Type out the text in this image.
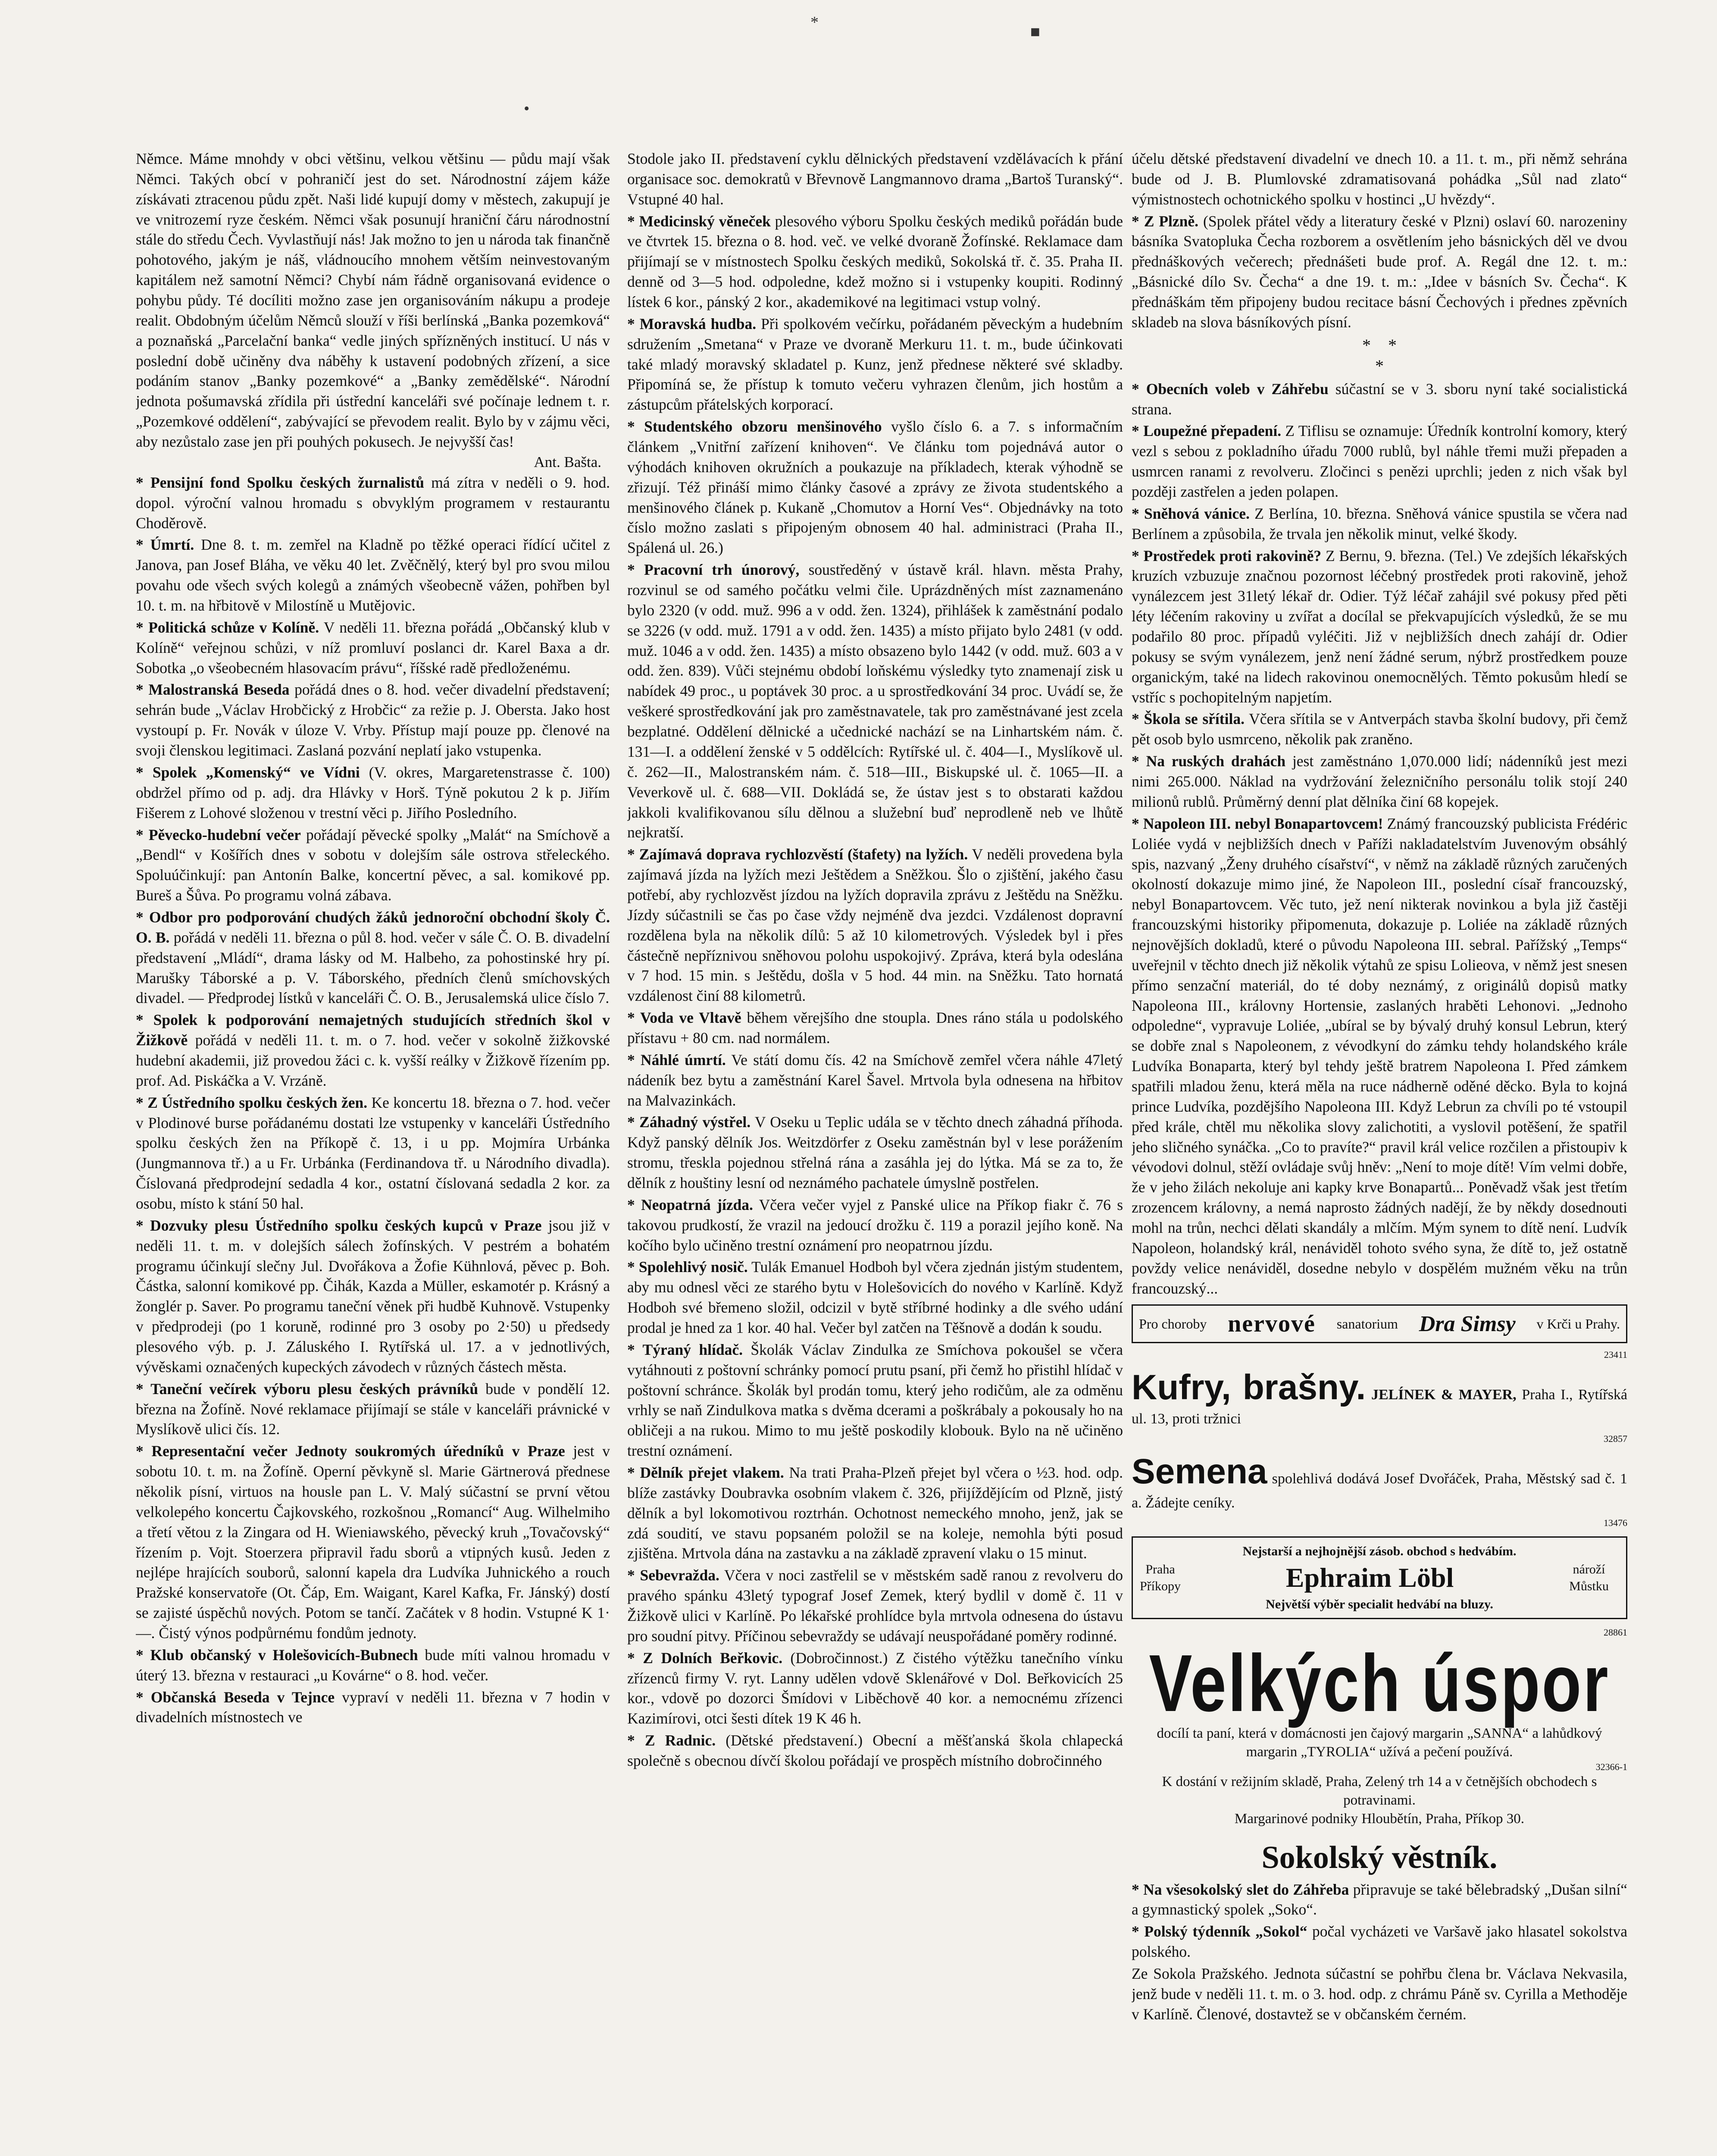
•
*
■

Němce. Máme mnohdy v obci většinu, velkou většinu — půdu mají však Němci. Takých obcí v pohraničí jest do set. Národnostní zájem káže získávati ztracenou půdu zpět. Naši lidé kupují domy v městech, zakupují je ve vnitrozemí ryze českém. Němci však posunují hraniční čáru národnostní stále do středu Čech. Vyvlastňují nás! Jak možno to jen u národa tak finančně pohotového, jakým je náš, vládnoucího mnohem větším neinvestovaným kapitálem než samotní Němci? Chybí nám řádně organisovaná evidence o pohybu půdy. Té docíliti možno zase jen organisováním nákupu a prodeje realit. Obdobným účelům Němců slouží v říši berlínská „Banka pozemková“ a poznaňská „Parcelační banka“ vedle jiných spřízněných institucí. U nás v poslední době učiněny dva náběhy k ustavení podobných zřízení, a sice podáním stanov „Banky pozemkové“ a „Banky zemědělské“. Národní jednota pošumavská zřídila při ústřední kanceláři své počínaje lednem t. r. „Pozemkové oddělení“, zabývající se převodem realit. Bylo by v zájmu věci, aby nezůstalo zase jen při pouhých pokusech. Je nejvyšší čas!

Ant. Bašta.

* Pensijní fond Spolku českých žurnalistů má zítra v neděli o 9. hod. dopol. výroční valnou hromadu s obvyklým programem v restaurantu Choděrově.

* Úmrtí. Dne 8. t. m. zemřel na Kladně po těžké operaci řídící učitel z Janova, pan Josef Bláha, ve věku 40 let. Zvěčnělý, který byl pro svou milou povahu ode všech svých kolegů a známých všeobecně vážen, pohřben byl 10. t. m. na hřbitově v Milostíně u Mutějovic.

* Politická schůze v Kolíně. V neděli 11. března pořádá „Občanský klub v Kolíně“ veřejnou schůzi, v níž promluví poslanci dr. Karel Baxa a dr. Sobotka „o všeobecném hlasovacím právu“, říšské radě předloženému.

* Malostranská Beseda pořádá dnes o 8. hod. večer divadelní představení; sehrán bude „Václav Hrobčický z Hrobčic“ za režie p. J. Obersta. Jako host vystoupí p. Fr. Novák v úloze V. Vrby. Přístup mají pouze pp. členové na svoji členskou legitimaci. Zaslaná pozvání neplatí jako vstupenka.

* Spolek „Komenský“ ve Vídni (V. okres, Margaretenstrasse č. 100) obdržel přímo od p. adj. dra Hlávky v Horš. Týně pokutou 2 k p. Jiřím Fišerem z Lohové složenou v trestní věci p. Jiřího Posledního.

* Pěvecko-hudební večer pořádají pěvecké spolky „Malát“ na Smíchově a „Bendl“ v Košířích dnes v sobotu v dolejším sále ostrova střeleckého. Spoluúčinkují: pan Antonín Balke, koncertní pěvec, a sal. komikové pp. Bureš a Šůva. Po programu volná zábava.

* Odbor pro podporování chudých žáků jednoroční obchodní školy Č. O. B. pořádá v neděli 11. března o půl 8. hod. večer v sále Č. O. B. divadelní představení „Mládí“, drama lásky od M. Halbeho, za pohostinské hry pí. Marušky Táborské a p. V. Táborského, předních členů smíchovských divadel. — Předprodej lístků v kanceláři Č. O. B., Jerusalemská ulice číslo 7.

* Spolek k podporování nemajetných studujících středních škol v Žižkově pořádá v neděli 11. t. m. o 7. hod. večer v sokolně žižkovské hudební akademii, již provedou žáci c. k. vyšší reálky v Žižkově řízením pp. prof. Ad. Piskáčka a V. Vrzáně.

* Z Ústředního spolku českých žen. Ke koncertu 18. března o 7. hod. večer v Plodinové burse pořádanému dostati lze vstupenky v kanceláři Ústředního spolku českých žen na Příkopě č. 13, i u pp. Mojmíra Urbánka (Jungmannova tř.) a u Fr. Urbánka (Ferdinandova tř. u Národního divadla). Číslovaná předprodejní sedadla 4 kor., ostatní číslovaná sedadla 2 kor. za osobu, místo k stání 50 hal.

* Dozvuky plesu Ústředního spolku českých kupců v Praze jsou již v neděli 11. t. m. v dolejších sálech žofínských. V pestrém a bohatém programu účinkují slečny Jul. Dvořákova a Žofie Kühnlová, pěvec p. Boh. Částka, salonní komikové pp. Čihák, Kazda a Müller, eskamotér p. Krásný a žonglér p. Saver. Po programu taneční věnek při hudbě Kuhnově. Vstupenky v předprodeji (po 1 koruně, rodinné pro 3 osoby po 2·50) u předsedy plesového výb. p. J. Záluského I. Rytířská ul. 17. a v jednotlivých, vývěskami označených kupeckých závodech v různých částech města.

* Taneční večírek výboru plesu českých právníků bude v pondělí 12. března na Žofíně. Nové reklamace přijímají se stále v kanceláři právnické v Myslíkově ulici čís. 12.

* Representační večer Jednoty soukromých úředníků v Praze jest v sobotu 10. t. m. na Žofíně. Operní pěvkyně sl. Marie Gärtnerová přednese několik písní, virtuos na housle pan L. V. Malý súčastní se první větou velkolepého koncertu Čajkovského, rozkošnou „Romancí“ Aug. Wilhelmiho a třetí větou z la Zingara od H. Wieniawského, pěvecký kruh „Tovačovský“ řízením p. Vojt. Stoerzera připravil řadu sborů a vtipných kusů. Jeden z nejlépe hrajících souborů, salonní kapela dra Ludvíka Juhnického a rouch Pražské konservatoře (Ot. Čáp, Em. Waigant, Karel Kafka, Fr. Jánský) dostí se zajisté úspěchů nových. Potom se tančí. Začátek v 8 hodin. Vstupné K 1·—. Čistý výnos podpůrnému fondům jednoty.

* Klub občanský v Holešovicích-Bubnech bude míti valnou hromadu v úterý 13. března v restauraci „u Kovárne“ o 8. hod. večer.

* Občanská Beseda v Tejnce vypraví v neděli 11. března v 7 hodin v divadelních místnostech ve

Stodole jako II. představení cyklu dělnických představení vzdělávacích k přání organisace soc. demokratů v Břevnově Langmannovo drama „Bartoš Turanský“. Vstupné 40 hal.

* Medicinský věneček plesového výboru Spolku českých mediků pořádán bude ve čtvrtek 15. března o 8. hod. več. ve velké dvoraně Žofínské. Reklamace dam přijímají se v místnostech Spolku českých mediků, Sokolská tř. č. 35. Praha II. denně od 3—5 hod. odpoledne, kdež možno si i vstupenky koupiti. Rodinný lístek 6 kor., pánský 2 kor., akademikové na legitimaci vstup volný.

* Moravská hudba. Při spolkovém večírku, pořádaném pěveckým a hudebním sdružením „Smetana“ v Praze ve dvoraně Merkuru 11. t. m., bude účinkovati také mladý moravský skladatel p. Kunz, jenž přednese některé své skladby. Připomíná se, že přístup k tomuto večeru vyhrazen členům, jich hostům a zástupcům přátelských korporací.

* Studentského obzoru menšinového vyšlo číslo 6. a 7. s informačním článkem „Vnitřní zařízení knihoven“. Ve článku tom pojednává autor o výhodách knihoven okružních a poukazuje na příkladech, kterak výhodně se zřizují. Též přináší mimo články časové a zprávy ze života studentského a menšinového článek p. Kukaně „Chomutov a Horní Ves“. Objednávky na toto číslo možno zaslati s připojeným obnosem 40 hal. administraci (Praha II., Spálená ul. 26.)

* Pracovní trh únorový, soustředěný v ústavě král. hlavn. města Prahy, rozvinul se od samého počátku velmi čile. Uprázdněných míst zaznamenáno bylo 2320 (v odd. muž. 996 a v odd. žen. 1324), přihlášek k zaměstnání podalo se 3226 (v odd. muž. 1791 a v odd. žen. 1435) a místo přijato bylo 2481 (v odd. muž. 1046 a v odd. žen. 1435) a místo obsazeno bylo 1442 (v odd. muž. 603 a v odd. žen. 839). Vůči stejnému období loňskému výsledky tyto znamenají zisk u nabídek 49 proc., u poptávek 30 proc. a u sprostředkování 34 proc. Uvádí se, že veškeré sprostředkování jak pro zaměstnavatele, tak pro zaměstnávané jest zcela bezplatné. Oddělení dělnické a učednické nachází se na Linhartském nám. č. 131—I. a oddělení ženské v 5 oddělcích: Rytířské ul. č. 404—I., Myslíkově ul. č. 262—II., Malostranském nám. č. 518—III., Biskupské ul. č. 1065—II. a Veverkově ul. č. 688—VII. Dokládá se, že ústav jest s to obstarati každou jakkoli kvalifikovanou sílu dělnou a služební buď neprodleně neb ve lhůtě nejkratší.

* Zajímavá doprava rychlozvěstí (štafety) na lyžích. V neděli provedena byla zajímavá jízda na lyžích mezi Ještědem a Sněžkou. Šlo o zjištění, jakého času potřebí, aby rychlozvěst jízdou na lyžích dopravila zprávu z Ještědu na Sněžku. Jízdy súčastnili se čas po čase vždy nejméně dva jezdci. Vzdálenost dopravní rozdělena byla na několik dílů: 5 až 10 kilometrových. Výsledek byl i přes částečně nepříznivou sněhovou polohu uspokojivý. Zpráva, která byla odeslána v 7 hod. 15 min. s Ještědu, došla v 5 hod. 44 min. na Sněžku. Tato hornatá vzdálenost činí 88 kilometrů.

* Voda ve Vltavě během věrejšího dne stoupla. Dnes ráno stála u podolského přístavu + 80 cm. nad normálem.

* Náhlé úmrtí. Ve státí domu čís. 42 na Smíchově zemřel včera náhle 47letý nádeník bez bytu a zaměstnání Karel Šavel. Mrtvola byla odnesena na hřbitov na Malvazinkách.

* Záhadný výstřel. V Oseku u Teplic udála se v těchto dnech záhadná příhoda. Když panský dělník Jos. Weitzdörfer z Oseku zaměstnán byl v lese porážením stromu, třeskla pojednou střelná rána a zasáhla jej do lýtka. Má se za to, že dělník z houštiny lesní od neznámého pachatele úmyslně postřelen.

* Neopatrná jízda. Včera večer vyjel z Panské ulice na Příkop fiakr č. 76 s takovou prudkostí, že vrazil na jedoucí drožku č. 119 a porazil jejího koně. Na kočího bylo učiněno trestní oznámení pro neopatrnou jízdu.

* Spolehlivý nosič. Tulák Emanuel Hodboh byl včera zjednán jistým studentem, aby mu odnesl věci ze starého bytu v Holešovicích do nového v Karlíně. Když Hodboh své břemeno složil, odcizil v bytě stříbrné hodinky a dle svého udání prodal je hned za 1 kor. 40 hal. Večer byl zatčen na Těšnově a dodán k soudu.

* Týraný hlídač. Školák Václav Zindulka ze Smíchova pokoušel se včera vytáhnouti z poštovní schránky pomocí prutu psaní, při čemž ho přistihl hlídač v poštovní schránce. Školák byl prodán tomu, který jeho rodičům, ale za odměnu vrhly se naň Zindulkova matka s dvěma dcerami a poškrábaly a pokousaly ho na obličeji a na rukou. Mimo to mu ještě poskodily klobouk. Bylo na ně učiněno trestní oznámení.

* Dělník přejet vlakem. Na trati Praha-Plzeň přejet byl včera o ½3. hod. odp. blíže zastávky Doubravka osobním vlakem č. 326, přijíždějícím od Plzně, jistý dělník a byl lokomotivou roztrhán. Ochotnost nemeckého mnoho, jenž, jak se zdá soudití, ve stavu popsaném položil se na koleje, nemohla býti posud zjištěna. Mrtvola dána na zastavku a na základě zpravení vlaku o 15 minut.

* Sebevražda. Včera v noci zastřelil se v městském sadě ranou z revolveru do pravého spánku 43letý typograf Josef Zemek, který bydlil v domě č. 11 v Žižkově ulici v Karlíně. Po lékařské prohlídce byla mrtvola odnesena do ústavu pro soudní pitvy. Příčinou sebevraždy se udávají neuspořádané poměry rodinné.

* Z Dolních Beřkovic. (Dobročinnost.) Z čistého výtěžku tanečního vínku zřízenců firmy V. ryt. Lanny udělen vdově Sklenářové v Dol. Beřkovicích 25 kor., vdově po dozorci Šmídovi v Liběchově 40 kor. a nemocnému zřízenci Kazimírovi, otci šesti dítek 19 K 46 h.

* Z Radnic. (Dětské představení.) Obecní a měšťanská škola chlapecká společně s obecnou dívčí školou pořádají ve prospěch místního dobročinného

účelu dětské představení divadelní ve dnech 10. a 11. t. m., při němž sehrána bude od J. B. Plumlovské zdramatisovaná pohádka „Sůl nad zlato“ výmistnostech ochotnického spolku v hostinci „U hvězdy“.

* Z Plzně. (Spolek přátel vědy a literatury české v Plzni) oslaví 60. narozeniny básníka Svatopluka Čecha rozborem a osvětlením jeho básnických děl ve dvou přednáškových večerech; přednášeti bude prof. A. Regál dne 12. t. m.: „Básnické dílo Sv. Čecha“ a dne 19. t. m.: „Idee v básních Sv. Čecha“. K přednáškám těm připojeny budou recitace básní Čechových i přednes zpěvních skladeb na slova básníkových písní.

*    *
*

* Obecních voleb v Záhřebu súčastní se v 3. sboru nyní také socialistická strana.

* Loupežné přepadení. Z Tiflisu se oznamuje: Úředník kontrolní komory, který vezl s sebou z pokladního úřadu 7000 rublů, byl náhle třemi muži přepaden a usmrcen ranami z revolveru. Zločinci s penězi uprchli; jeden z nich však byl později zastřelen a jeden polapen.

* Sněhová vánice. Z Berlína, 10. března. Sněhová vánice spustila se včera nad Berlínem a způsobila, že trvala jen několik minut, velké škody.

* Prostředek proti rakovině? Z Bernu, 9. března. (Tel.) Ve zdejších lékařských kruzích vzbuzuje značnou pozornost léčebný prostředek proti rakovině, jehož vynálezcem jest 31letý lékař dr. Odier. Týž léčař zahájil své pokusy před pěti léty léčením rakoviny u zvířat a docílal se překvapujících výsledků, že se mu podařilo 80 proc. případů vyléčiti. Již v nejbližších dnech zahájí dr. Odier pokusy se svým vynálezem, jenž není žádné serum, nýbrž prostředkem pouze organickým, také na lidech rakovinou onemocnělých. Těmto pokusům hledí se vstříc s pochopitelným napjetím.

* Škola se sřítila. Včera sřítila se v Antverpách stavba školní budovy, při čemž pět osob bylo usmrceno, několik pak zraněno.

* Na ruských drahách jest zaměstnáno 1,070.000 lidí; nádenníků jest mezi nimi 265.000. Náklad na vydržování železničního personálu tolik stojí 240 milionů rublů. Průměrný denní plat dělníka činí 68 kopejek.

* Napoleon III. nebyl Bonapartovcem! Známý francouzský publicista Frédéric Loliée vydá v nejbližších dnech v Paříži nakladatelstvím Juvenovým obsáhlý spis, nazvaný „Ženy druhého císařství“, v němž na základě různých zaručených okolností dokazuje mimo jiné, že Napoleon III., poslední císař francouzský, nebyl Bonapartovcem. Věc tuto, jež není nikterak novinkou a byla již častěji francouzskými historiky připomenuta, dokazuje p. Loliée na základě různých nejnovějších dokladů, které o původu Napoleona III. sebral. Pařížský „Temps“ uveřejnil v těchto dnech již několik výtahů ze spisu Lolieova, v němž jest snesen přímo senzační materiál, do té doby neznámý, z originálů dopisů matky Napoleona III., královny Hortensie, zaslaných hraběti Lehonovi. „Jednoho odpoledne“, vypravuje Loliée, „ubíral se by bývalý druhý konsul Lebrun, který se dobře znal s Napoleonem, z vévodkyní do zámku tehdy holandského krále Ludvíka Bonaparta, který byl tehdy ještě bratrem Napoleona I. Před zámkem spatřili mladou ženu, která měla na ruce nádherně oděné děcko. Byla to kojná prince Ludvíka, pozdějšího Napoleona III. Když Lebrun za chvíli po té vstoupil před krále, chtěl mu několika slovy zalichotiti, a vyslovil potěšení, že spatřil jeho sličného synáčka. „Co to pravíte?“ pravil král velice rozčilen a přistoupiv k vévodovi dolnul, stěží ovládaje svůj hněv: „Není to moje dítě! Vím velmi dobře, že v jeho žilách nekoluje ani kapky krve Bonapartů... Poněvadž však jest třetím zrozencem královny, a nemá naprosto žádných nadějí, že by někdy dosednouti mohl na trůn, nechci dělati skandály a mlčím. Mým synem to dítě není. Ludvík Napoleon, holandský král, nenáviděl tohoto svého syna, že dítě to, jež ostatně povždy velice nenáviděl, dosedne nebylo v dospělém mužném věku na trůn francouzský...

Pro choroby nervové sanatorium Dra Simsy v Krči u Prahy.
23411
Kufry, brašny. JELÍNEK & MAYER, Praha I., Rytířská ul. 13, proti tržnici
32857
Semena spolehlivá dodává Josef Dvořáček, Praha, Městský sad č. 1 a. Žádejte ceníky.
13476
Nejstarší a nejhojnější zásob. obchod s hedvábím.
Praha
Příkopy	Ephraim Löbl	nároží Můstku
Největší výběr specialit hedvábí na bluzy.
28861
Velkých úspor
docílí ta paní, která v domácnosti jen čajový margarin „SANNA“ a lahůdkový margarin „TYROLIA“ užívá a pečení používá.
32366-1
K dostání v režijním skladě, Praha, Zelený trh 14 a v četnějších obchodech s potravinami.
Margarinové podniky Hloubětín, Praha, Příkop 30.
Sokolský věstník.

* Na všesokolský slet do Záhřeba připravuje se také bělebradský „Dušan silní“ a gymnastický spolek „Soko“.

* Polský týdenník „Sokol“ počal vycházeti ve Varšavě jako hlasatel sokolstva polského.

Ze Sokola Pražského. Jednota súčastní se pohřbu člena br. Václava Nekvasila, jenž bude v neděli 11. t. m. o 3. hod. odp. z chrámu Páně sv. Cyrilla a Methoděje v Karlíně. Členové, dostavtež se v občanském černém.
